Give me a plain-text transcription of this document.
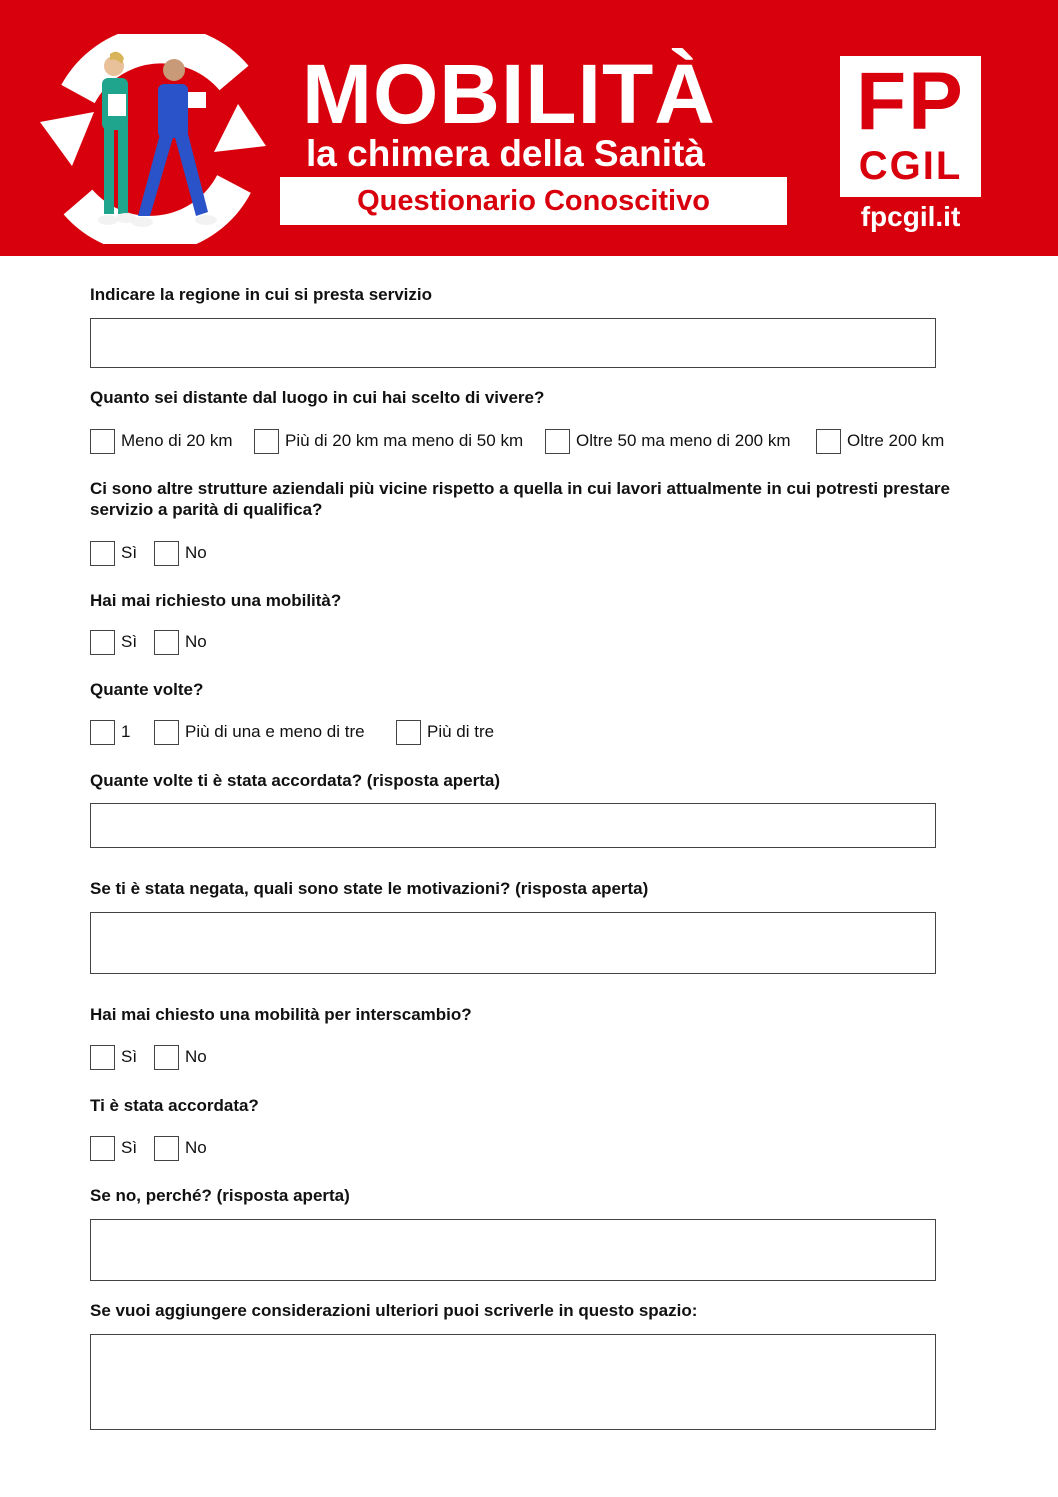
MOBILITÀ
la chimera della Sanità
Questionario Conoscitivo
FP
CGIL
fpcgil.it
Indicare la regione in cui si presta servizio
Quanto sei distante dal luogo in cui hai scelto di vivere?
Meno di 20 km	Più di 20 km ma meno di 50 km	Oltre 50 ma meno di 200 km	Oltre 200 km
Ci sono altre strutture aziendali più vicine rispetto a quella in cui lavori attualmente in cui potresti prestare servizio a parità di qualifica?
Sì	No
Hai mai richiesto una mobilità?
Sì	No
Quante volte?
1	Più di una e meno di tre	Più di tre
Quante volte ti è stata accordata? (risposta aperta)
Se ti è stata negata, quali sono state le motivazioni? (risposta aperta)
Hai mai chiesto una mobilità per interscambio?
Sì	No
Ti è stata accordata?
Sì	No
Se no, perché? (risposta aperta)
Se vuoi aggiungere considerazioni ulteriori puoi scriverle in questo spazio:
